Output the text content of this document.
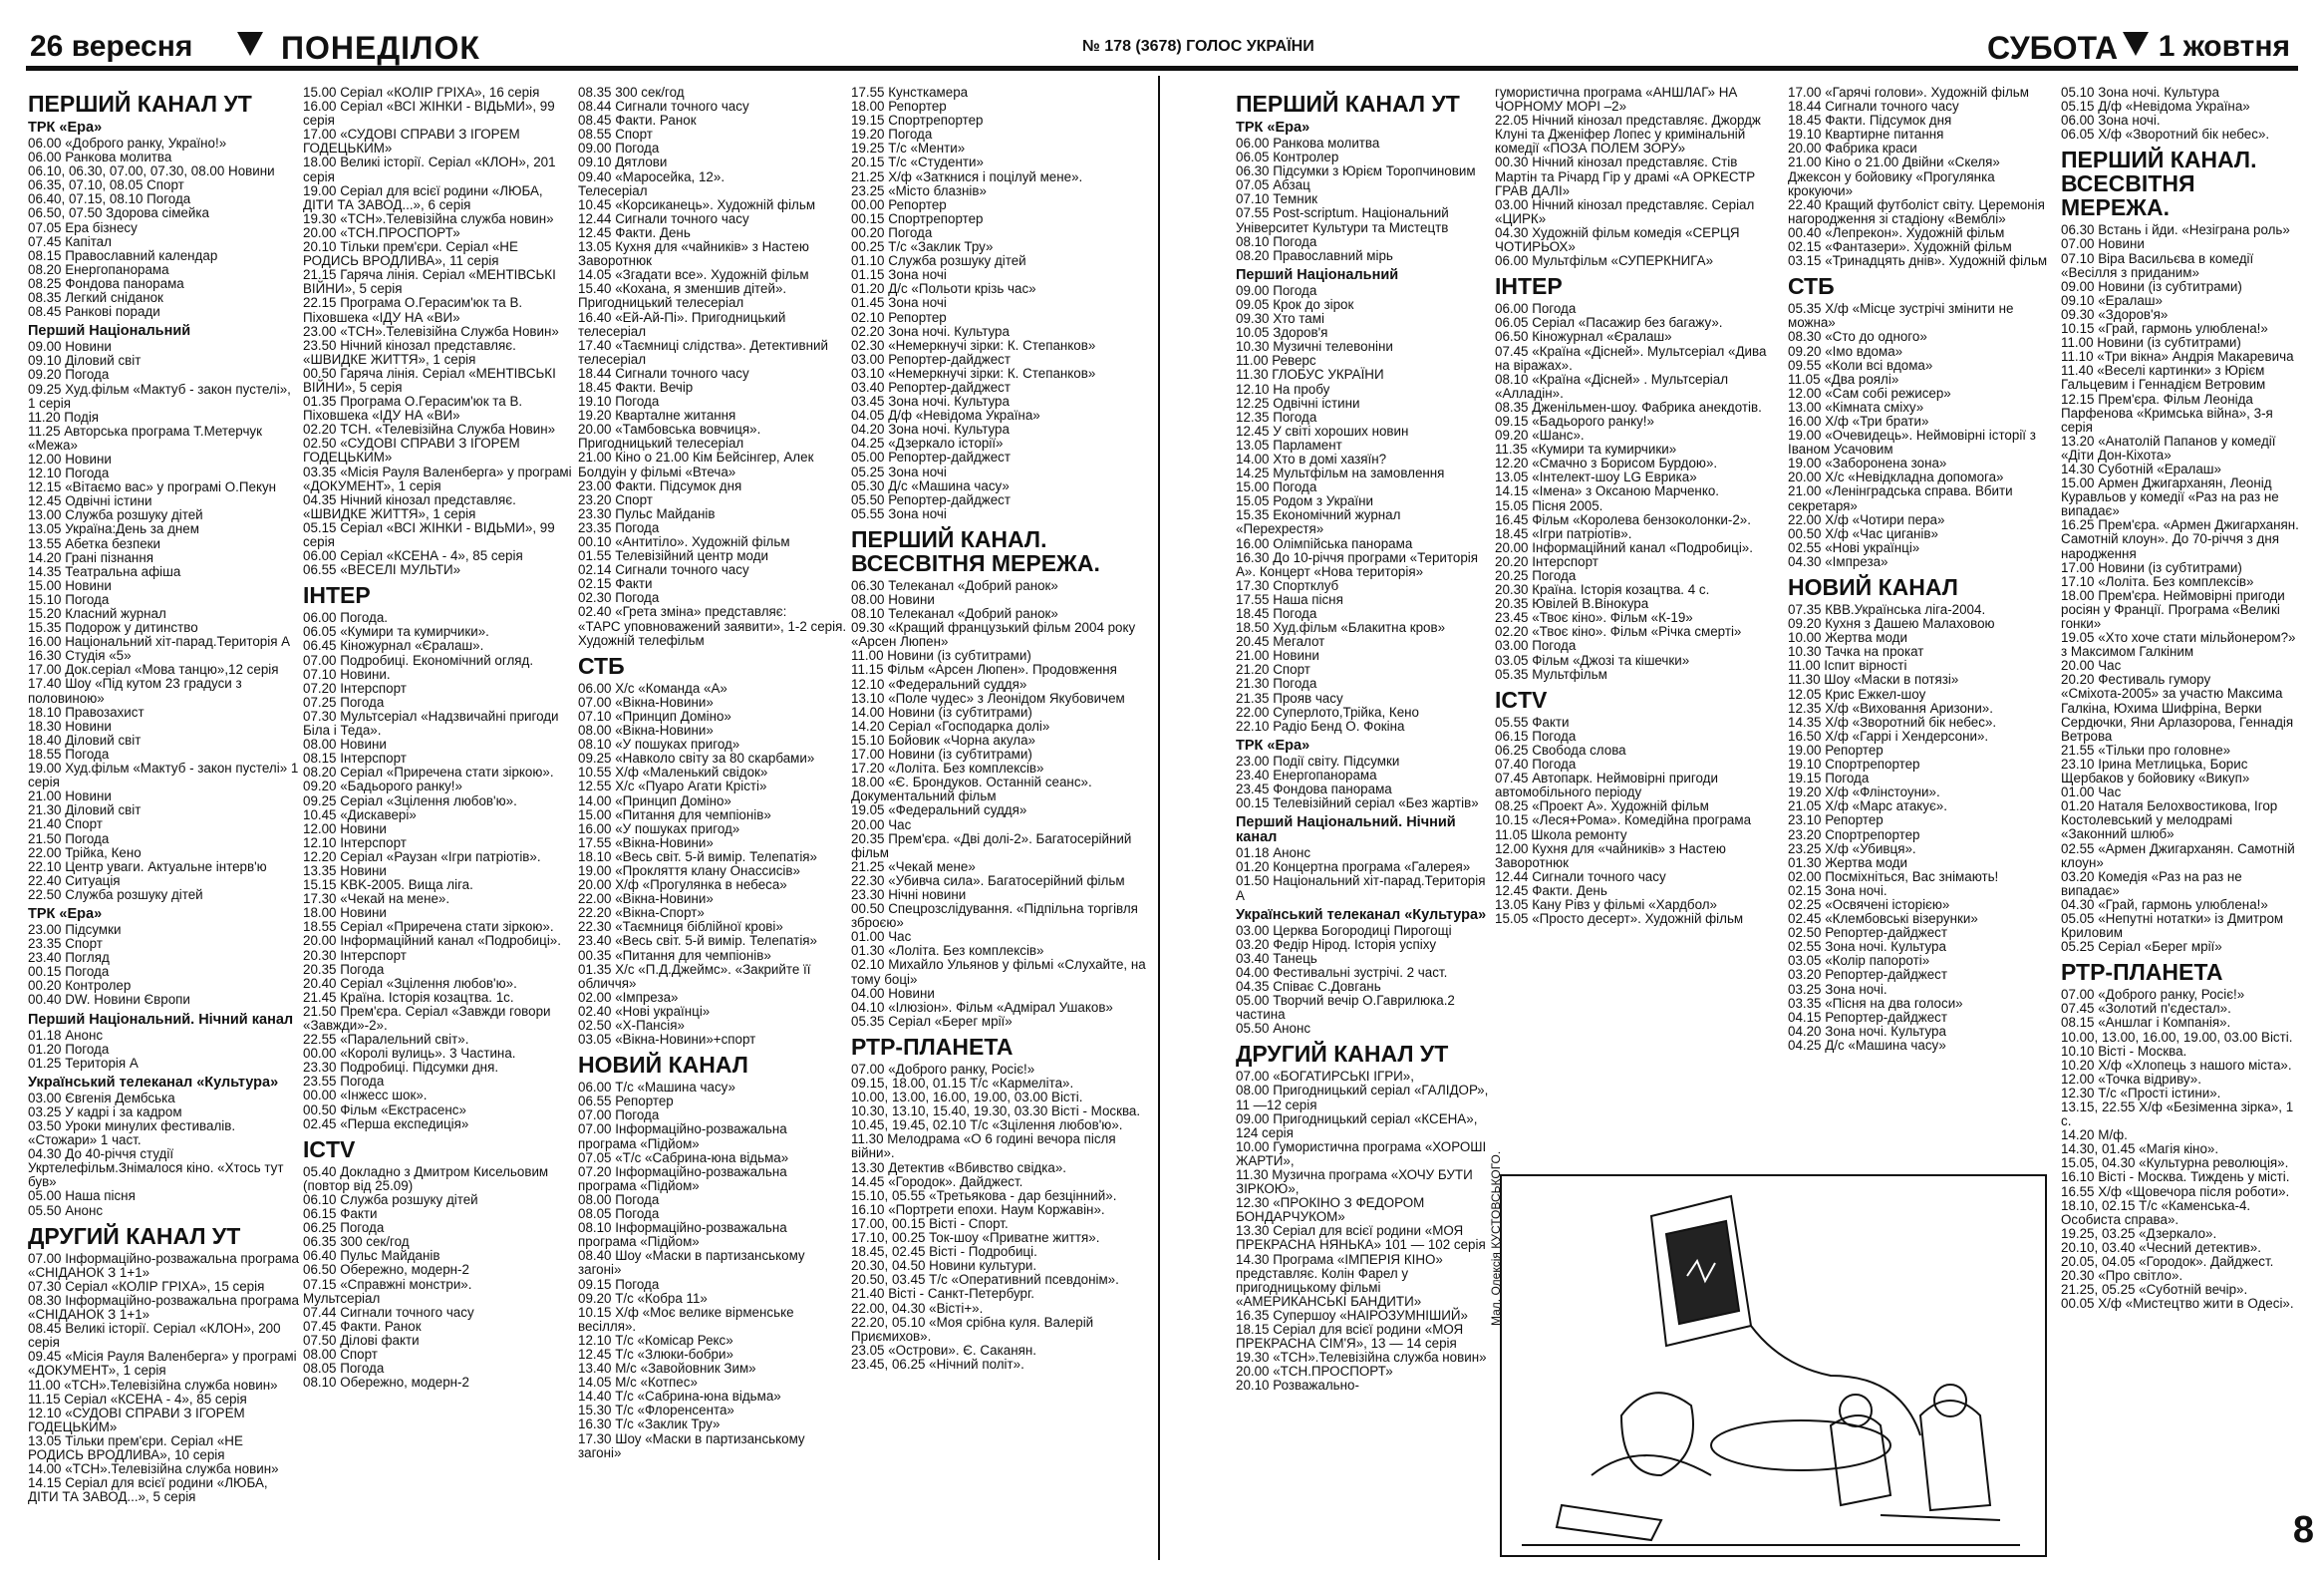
26 вересня	ПОНЕДІЛОК	№ 178 (3678) ГОЛОС УКРАЇНИ	СУБОТА 1 жовтня
ПЕРШИЙ КАНАЛ УТ
ТРК «Ера»
06.00 «Доброго ранку, Україно!»
06.00 Ранкова молитва
06.10, 06.30, 07.00, 07.30, 08.00 Новини
06.35, 07.10, 08.05 Спорт
06.40, 07.15, 08.10 Погода
06.50, 07.50 Здорова сімейка
07.05 Ера бізнесу
07.45 Капітал
08.15 Православний календар
08.20 Енергопанорама
08.25 Фондова панорама
08.35 Легкий сніданок
08.45 Ранкові поради
Перший Національний
09.00 Новини
09.10 Діловий світ
09.20 Погода
09.25 Худ.фільм «Мактуб - закон пустелі», 1 серія
11.20 Подія
11.25 Авторська програма Т.Метерчук «Межа»
12.00 Новини
12.10 Погода
12.15 «Вітаємо вас» у програмі О.Пекун
12.45 Одвічні істини
13.00 Служба розшуку дітей
13.05 Україна:День за днем
13.55 Абетка безпеки
14.20 Грані пізнання
14.35 Театральна афіша
15.00 Новини
15.10 Погода
15.20 Класний журнал
15.35 Подорож у дитинство
16.00 Національний хіт-парад.Територія А
16.30 Студія «5»
17.00 Док.серіал «Мова танцю»,12 серія
17.40 Шоу «Під кутом 23 градуси з половиною»
18.10 Правозахист
18.30 Новини
18.40 Діловий світ
18.55 Погода
19.00 Худ.фільм «Мактуб - закон пустелі» 1 серія
21.00 Новини
21.30 Діловий світ
21.40 Спорт
21.50 Погода
22.00 Трійка, Кено
22.10 Центр уваги. Актуальне інтерв'ю
22.40 Ситуація
22.50 Служба розшуку дітей
ТРК «Ера»
23.00 Підсумки
23.35 Спорт
23.40 Погляд
00.15 Погода
00.20 Контролер
00.40 DW. Новини Європи
Перший Національний. Нічний канал
01.18 Анонс
01.20 Погода
01.25 Територія А
Український телеканал «Культура»
03.00 Євгенія Дембська
03.25 У кадрі і за кадром
03.50 Уроки минулих фестивалів. «Стожари» 1 част.
04.30 До 40-річчя студії Укртелефільм.Знімалося кіно. «Хтось тут був»
05.00 Наша пісня
05.50 Анонс
ДРУГИЙ КАНАЛ УТ
07.00 Інформаційно-розважальна програма «СНІДАНОК З 1+1»
07.30 Серіал «КОЛІР ГРІХА», 15 серія
08.30 Інформаційно-розважальна програма «СНІДАНОК З 1+1»
08.45 Великі історії. Серіал «КЛОН», 200 серія
09.45 «Місія Рауля Валенберга» у програмі «ДОКУМЕНТ», 1 серія
11.00 «ТСН».Телевізійна служба новин»
11.15 Серіал «КСЕНА - 4», 85 серія
12.10 «СУДОВІ СПРАВИ З ІГОРЕМ ГОДЕЦЬКИМ»
13.05 Тільки прем'єри. Серіал «НЕ РОДИСЬ ВРОДЛИВА», 10 серія
14.00 «ТСН».Телевізійна служба новин»
14.15 Серіал для всієї родини «ЛЮБА, ДІТИ ТА ЗАВОД...», 5 серія
15.00 Серіал «КОЛІР ГРІХА», 16 серія
16.00 Серіал «ВСІ ЖІНКИ - ВІДЬМИ», 99 серія
17.00 «СУДОВІ СПРАВИ З ІГОРЕМ ГОДЕЦЬКИМ»
18.00 Великі історії. Серіал «КЛОН», 201 серія
19.00 Серіал для всієї родини «ЛЮБА, ДІТИ ТА ЗАВОД...», 6 серія
19.30 «ТСН».Телевізійна служба новин»
20.00 «ТСН.ПРОСПОРТ»
20.10 Тільки прем'єри. Серіал «НЕ РОДИСЬ ВРОДЛИВА», 11 серія
21.15 Гаряча лінія. Серіал «МЕНТІВСЬКІ ВІЙНИ», 5 серія
22.15 Програма О.Герасим'юк та В. Піховшека «ІДУ НА «ВИ»
23.00 «ТСН».Телевізійна Служба Новин»
23.50 Нічний кінозал представляє. «ШВИДКЕ ЖИТТЯ», 1 серія
00.50 Гаряча лінія. Серіал «МЕНТІВСЬКІ ВІЙНИ», 5 серія
01.35 Програма О.Герасим'юк та В. Піховшека «ІДУ НА «ВИ»
02.20 ТСН. «Телевізійна Служба Новин»
02.50 «СУДОВІ СПРАВИ З ІГОРЕМ ГОДЕЦЬКИМ»
03.35 «Місія Рауля Валенберга» у програмі «ДОКУМЕНТ», 1 серія
04.35 Нічний кінозал представляє. «ШВИДКЕ ЖИТТЯ», 1 серія
05.15 Серіал «ВСІ ЖІНКИ - ВІДЬМИ», 99 серія
06.00 Серіал «КСЕНА - 4», 85 серія
06.55 «ВЕСЕЛІ МУЛЬТИ»
ІНТЕР
06.00 Погода.
06.05 «Кумири та кумирчики».
06.45 Кіножурнал «Єралаш».
07.00 Подробиці. Економічний огляд.
07.10 Новини.
07.20 Інтерспорт
07.25 Погода
07.30 Мультсеріал «Надзвичайні пригоди Біла і Теда».
08.00 Новини
08.15 Інтерспорт
08.20 Серіал «Приречена стати зіркою».
09.20 «Бадьорого ранку!»
09.25 Серіал «Зцілення любов'ю».
10.45 «Дискавері»
12.00 Новини
12.10 Інтерспорт
12.20 Серіал «Раузан «Ігри патріотів».
13.35 Новини
15.15 KBK-2005. Вища ліга.
17.30 «Чекай на мене».
18.00 Новини
18.55 Серіал «Приречена стати зіркою».
20.00 Інформаційний канал «Подробиці».
20.30 Інтерспорт
20.35 Погода
20.40 Серіал «Зцілення любов'ю».
21.45 Країна. Історія козацтва. 1с.
21.50 Прем'єра. Серіал «Завжди говори «Завжди»-2».
22.55 «Паралельний світ».
00.00 «Королі вулиць». 3 Частина.
23.30 Подробиці. Підсумки дня.
23.55 Погода
00.00 «Інжесс шок».
00.50 Фільм «Екстрасенс»
02.45 «Перша експедиція»
ICTV
05.40 Докладно з Дмитром Кисельовим (повтор від 25.09)
06.10 Служба розшуку дітей
06.15 Факти
06.25 Погода
06.35 300 сек/год
06.40 Пульс Майданів
06.50 Обережно, модерн-2
07.15 «Справжні монстри».
Мультсеріал
07.44 Сигнали точного часу
07.45 Факти. Ранок
07.50 Ділові факти
08.00 Спорт
08.05 Погода
08.10 Обережно, модерн-2
08.35 300 сек/год
08.44 Сигнали точного часу
08.45 Факти. Ранок
08.55 Спорт
09.00 Погода
09.10 Дятлови
09.40 «Маросейка, 12».
Телесеріал
10.45 «Корсиканець». Художній фільм
12.44 Сигнали точного часу
12.45 Факти. День
13.05 Кухня для «чайників» з Настею Заворотнюк
14.05 «Згадати все». Художній фільм
15.40 «Кохана, я зменшив дітей». Пригодницький телесеріал
16.40 «Ей-Ай-Пі». Пригодницький телесеріал
17.40 «Таємниці слідства». Детективний телесеріал
18.44 Сигнали точного часу
18.45 Факти. Вечір
19.10 Погода
19.20 Кварталне житання
20.00 «Тамбовська вовчиця». Пригодницький телесеріал
21.00 Кіно о 21.00 Кім Бейсінгер, Алек Болдуін у фільмі «Втеча»
23.00 Факти. Підсумок дня
23.20 Спорт
23.30 Пульс Майданів
23.35 Погода
00.10 «Антитіло». Художній фільм
01.55 Телевізійний центр моди
02.14 Сигнали точного часу
02.15 Факти
02.30 Погода
02.40 «Грета зміна» представляє:
«ТАРС уповноважений заявити», 1-2 серія. Художній телефільм
СТБ
06.00 Х/с «Команда «А»
07.00 «Вікна-Новини»
07.10 «Принцип Доміно»
08.00 «Вікна-Новини»
08.10 «У пошуках пригод»
09.25 «Навколо світу за 80 скарбами»
10.55 Х/ф «Маленький свідок»
12.55 Х/с «Пуаро Агати Крісті»
14.00 «Принцип Доміно»
15.00 «Питання для чемпіонів»
16.00 «У пошуках пригод»
17.55 «Вікна-Новини»
18.10 «Весь світ. 5-й вимір. Телепатія»
19.00 «Прокляття клану Онассисів»
20.00 Х/ф «Прогулянка в небеса»
22.00 «Вікна-Новини»
22.20 «Вікна-Спорт»
22.30 «Таємниця біблійної крові»
23.40 «Весь світ. 5-й вимір. Телепатія»
00.35 «Питання для чемпіонів»
01.35 Х/с «П.Д.Джеймс». «Закрийте її обличчя»
02.00 «Імпреза»
02.40 «Нові українці»
02.50 «Х-Пансія»
03.05 «Вікна-Новини»+спорт
НОВИЙ КАНАЛ
06.00 Т/с «Машина часу»
06.55 Репортер
07.00 Погода
07.00 Інформаційно-розважальна програма «Підйом»
07.05 «Т/с «Сабрина-юна відьма»
07.20 Інформаційно-розважальна програма «Підйом»
08.00 Погода
08.05 Погода
08.10 Інформаційно-розважальна програма «Підйом»
08.40 Шоу «Маски в партизанському загоні»
09.15 Погода
09.20 Т/с «Кобра 11»
10.15 Х/ф «Моє велике вірменське весілля».
12.10 Т/с «Комісар Рекс»
12.45 Т/с «Злюки-бобри»
13.40 М/с «Завойовник Зим»
14.05 М/с «Котпес»
14.40 Т/с «Сабрина-юна відьма»
15.30 Т/с «Флоренсента»
16.30 Т/с «Заклик Тру»
17.30 Шоу «Маски в партизанському загоні»
17.55 Кунсткамера
18.00 Репортер
19.15 Спортрепортер
19.20 Погода
19.25 Т/с «Менти»
20.15 Т/с «Студенти»
21.25 Х/ф «Заткнися і поцілуй мене».
23.25 «Місто блазнів»
00.00 Репортер
00.15 Спортрепортер
00.20 Погода
00.25 Т/с «Заклик Тру»
01.10 Служба розшуку дітей
01.15 Зона ночі
01.20 Д/с «Польоти крізь час»
01.45 Зона ночі
02.10 Репортер
02.20 Зона ночі. Культура
02.30 «Немеркнучі зірки: К. Степанков»
03.00 Репортер-дайджест
03.10 «Немеркнучі зірки: К. Степанков»
03.40 Репортер-дайджест
03.45 Зона ночі. Культура
04.05 Д/ф «Невідома Україна»
04.20 Зона ночі. Культура
04.25 «Дзеркало історії»
05.00 Репортер-дайджест
05.25 Зона ночі
05.30 Д/с «Машина часу»
05.50 Репортер-дайджест
05.55 Зона ночі
ПЕРШИЙ КАНАЛ. ВСЕСВІТНЯ МЕРЕЖА.
06.30 Телеканал «Добрий ранок»
08.00 Новини
08.10 Телеканал «Добрий ранок»
09.30 «Кращий французький фільм 2004 року «Арсен Люпен»
11.00 Новини (із субтитрами)
11.15 Фільм «Арсен Люпен». Продовження
12.10 «Федеральний суддя»
13.10 «Поле чудес» з Леонідом Якубовичем
14.00 Новини (із субтитрами)
14.20 Серіал «Господарка долі»
15.10 Бойовик «Чорна акула»
17.00 Новини (із субтитрами)
17.20 «Лоліта. Без комплексів»
18.00 «Є. Брондуков. Останній сеанс». Документальний фільм
19.05 «Федеральний суддя»
20.00 Час
20.35 Прем'єра. «Дві долі-2». Багатосерійний фільм
21.25 «Чекай мене»
22.30 «Убивча сила». Багатосерійний фільм
23.30 Нічні новини
00.50 Спецрозслідування. «Підпільна торгівля зброєю»
01.00 Час
01.30 «Лоліта. Без комплексів»
02.10 Михайло Ульянов у фільмі «Слухайте, на тому боці»
04.00 Новини
04.10 «Ілюзіон». Фільм «Адмірал Ушаков»
05.35 Серіал «Берег мрії»
РТР-ПЛАНЕТА
07.00 «Доброго ранку, Росіє!»
09.15, 18.00, 01.15 Т/с «Кармеліта».
10.00, 13.00, 16.00, 19.00, 03.00 Вісті.
10.30, 13.10, 15.40, 19.30, 03.30 Вісті - Москва.
10.45, 19.45, 02.10 Т/с «Зцілення любов'ю».
11.30 Мелодрама «О 6 годині вечора після війни».
13.30 Детектив «Вбивство свідка».
14.45 «Городок». Дайджест.
15.10, 05.55 «Третьякова - дар безцінний».
16.10 «Портрети епохи. Наум Коржавін».
17.00, 00.15 Вісті - Спорт.
17.10, 00.25 Ток-шоу «Приватне життя».
18.45, 02.45 Вісті - Подробиці.
20.30, 04.50 Новини культури.
20.50, 03.45 Т/с «Оперативний псевдонім».
21.40 Вісті - Санкт-Петербург.
22.00, 04.30 «Вісті+».
22.20, 05.10 «Моя срібна куля. Валерій Приємихов».
23.05 «Острови». Є. Саканян.
23.45, 06.25 «Нічний політ».
ПЕРШИЙ КАНАЛ УТ
ТРК «Ера»
06.00 Ранкова молитва
06.05 Контролер
06.30 Підсумки з Юрієм Торопчиновим
07.05 Абзац
07.10 Темник
07.55 Post-scriptum. Національний Університет Культури та Мистецтв
08.10 Погода
08.20 Православний мірь
Перший Національний
09.00 Погода
09.05 Крок до зірок
09.30 Хто тамі
10.05 Здоров'я
10.30 Музичні телевоніни
11.00 Реверс
11.30 ГЛОБУС УКРАЇНИ
12.10 На пробу
12.25 Одвічні істини
12.35 Погода
12.45 У світі хороших новин
13.05 Парламент
14.00 Хто в домі хазяїн?
14.25 Мультфільм на замовлення
15.00 Погода
15.05 Родом з України
15.35 Економічний журнал «Перехрестя»
16.00 Олімпійська панорама
16.30 До 10-річчя програми «Територія А». Концерт «Нова територія»
17.30 Спортклуб
17.55 Наша пісня
18.45 Погода
18.50 Худ.фільм «Блакитна кров»
20.45 Мегалот
21.00 Новини
21.20 Спорт
21.30 Погода
21.35 Прояв часу
22.00 Суперлото,Трійка, Кено
22.10 Радіо Бенд О. Фокіна
ТРК «Ера»
23.00 Події світу. Підсумки
23.40 Енергопанорама
23.45 Фондова панорама
00.15 Телевізійний серіал «Без жартів»
Перший Національний. Нічний канал
01.18 Анонс
01.20 Концертна програма «Галерея»
01.50 Національний хіт-парад.Територія А
Український телеканал «Культура»
03.00 Церква Богородиці Пирогощі
03.20 Федір Нірод. Історія успіху
03.40 Танець
04.00 Фестивальні зустрічі. 2 част.
04.35 Співає С.Довгань
05.00 Творчий вечір О.Гаврилюка.2 частина
05.50 Анонс
ДРУГИЙ КАНАЛ УТ
07.00 «БОГАТИРСЬКІ ІГРИ»,
08.00 Пригодницький серіал «ГАЛІДОР», 11 —12 серія
09.00 Пригодницький серіал «КСЕНА», 124 серія
10.00 Гумористична програма «ХОРОШІ ЖАРТИ»,
11.30 Музична програма «ХОЧУ БУТИ ЗІРКОЮ»,
12.30 «ПРОКІНО З ФЕДОРОМ БОНДАРЧУКОМ»
13.30 Серіал для всієї родини «МОЯ ПРЕКРАСНА НЯНЬКА» 101 — 102 серія
14.30 Програма «ІМПЕРІЯ КІНО» представляє. Колін Фарел у пригодницькому фільмі «АМЕРИКАНСЬКІ БАНДИТИ»
16.35 Супершоу «НАІРОЗУМНІШИЙ»
18.15 Серіал для всієї родини «МОЯ ПРЕКРАСНА СІМ'Я», 13 — 14 серія
19.30 «ТСН».Телевізійна служба новин»
20.00 «ТСН.ПРОСПОРТ»
20.10 Розважально-
гумористична програма «АНШЛАГ» НА ЧОРНОМУ МОРІ –2»
22.05 Нічний кінозал представляє. Джордж Клуні та Дженіфер Лопес у кримінальній комедії «ПОЗА ПОЛЕМ ЗОРУ»
00.30 Нічний кінозал представляє. Стів Мартін та Річард Гір у драмі «А ОРКЕСТР ГРАВ ДАЛІ»
03.00 Нічний кінозал представляє. Серіал «ЦИРК»
04.30 Художній фільм комедія «СЕРЦЯ ЧОТИРЬОХ»
06.00 Мультфільм «СУПЕРКНИГА»
ІНТЕР
06.00 Погода
06.05 Серіал «Пасажир без багажу».
06.50 Кіножурнал «Єралаш»
07.45 «Країна «Дісней». Мультсеріал «Дива на віражах».
08.10 «Країна «Дісней» . Мультсеріал «Алладін».
08.35 Дженільмен-шоу. Фабрика анекдотів.
09.15 «Бадьорого ранку!»
09.20 «Шанс».
11.35 «Кумири та кумирчики»
12.20 «Смачно з Борисом Бурдою».
13.05 «Інтелект-шоу LG Еврика»
14.15 «Імена» з Оксаною Марченко.
15.05 Пісня 2005.
16.45 Фільм «Королева бензоколонки-2».
18.45 «Ігри патріотів».
20.00 Інформаційний канал «Подробиці».
20.20 Інтерспорт
20.25 Погода
20.30 Країна. Історія козацтва. 4 с.
20.35 Ювілей В.Вінокура
23.45 «Твоє кіно». Фільм «К-19»
02.20 «Твоє кіно». Фільм «Річка смерті»
03.00 Погода
03.05 Фільм «Джозі та кішечки»
05.35 Мультфільм
ICTV
05.55 Факти
06.15 Погода
06.25 Свобода слова
07.40 Погода
07.45 Автопарк. Неймовірні пригоди автомобільного періоду
08.25 «Проект А». Художній фільм
10.15 «Леся+Рома». Комедійна програма
11.05 Школа ремонту
12.00 Кухня для «чайників» з Настею Заворотнюк
12.44 Сигнали точного часу
12.45 Факти. День
13.05 Кану Рівз у фільмі «Хардбол»
15.05 «Просто десерт». Художній фільм
17.00 «Гарячі голови». Художній фільм
18.44 Сигнали точного часу
18.45 Факти. Підсумок дня
19.10 Квартирне питання
20.00 Фабрика краси
21.00 Кіно о 21.00 Двійни «Скеля» Джексон у бойовику «Прогулянка крокуючи»
22.40 Кращий футболіст світу. Церемонія нагородження зі стадіону «Вемблі»
00.40 «Лепрекон». Художній фільм
02.15 «Фантазери». Художній фільм
03.15 «Тринадцять днів». Художній фільм
СТБ
05.35 Х/ф «Місце зустрічі змінити не можна»
08.30 «Сто до одного»
09.20 «Імо вдома»
09.55 «Коли всі вдома»
11.05 «Два роялі»
12.00 «Сам собі режисер»
13.00 «Кімната сміху»
16.00 Х/ф «Три брати»
19.00 «Очевидець». Неймовірні історії з Іваном Усачовим
19.00 «Заборонена зона»
20.00 Х/с «Невідкладна допомога»
21.00 «Ленінградська справа. Вбити секретаря»
22.00 Х/ф «Чотири пера»
00.50 Х/ф «Час циганів»
02.55 «Нові українці»
04.30 «Імпреза»
НОВИЙ КАНАЛ
07.35 КВВ.Українська ліга-2004.
09.20 Кухня з Дашею Малаховою
10.00 Жертва моди
10.30 Тачка на прокат
11.00 Іспит вірності
11.30 Шоу «Маски в потязі»
12.05 Крис Ежкел-шоу
12.35 Х/ф «Виховання Аризони».
14.35 Х/ф «Зворотний бік небес».
16.50 Х/ф «Гаррі і Хендерсони».
19.00 Репортер
19.10 Спортрепортер
19.15 Погода
19.20 Х/ф «Флінстоуни».
21.05 Х/ф «Марс атакує».
23.10 Репортер
23.20 Спортрепортер
23.25 Х/ф «Убивця».
01.30 Жертва моди
02.00 Посміхніться, Вас знімають!
02.15 Зона ночі.
02.25 «Освячені історією»
02.45 «Клембовські візерунки»
02.50 Репортер-дайджест
02.55 Зона ночі. Культура
03.05 «Колір папороті»
03.20 Репортер-дайджест
03.25 Зона ночі.
03.35 «Пісня на два голоси»
04.15 Репортер-дайджест
04.20 Зона ночі. Культура
04.25 Д/с «Машина часу»
05.10 Зона ночі. Культура
05.15 Д/ф «Невідома Україна»
06.00 Зона ночі.
06.05 Х/ф «Зворотний бік небес».
ПЕРШИЙ КАНАЛ. ВСЕСВІТНЯ МЕРЕЖА.
06.30 Встань і йди. «Незіграна роль»
07.00 Новини
07.10 Віра Васильєва в комедії «Весілля з приданим»
09.00 Новини (із субтитрами)
09.10 «Ералаш»
09.30 «Здоров'я»
10.15 «Грай, гармонь улюблена!»
11.00 Новини (із субтитрами)
11.10 «Три вікна» Андрія Макаревича
11.40 «Веселі картинки» з Юрієм Гальцевим і Геннадієм Ветровим
12.15 Прем'єра. Фільм Леоніда Парфенова «Кримська війна», 3-я серія
13.20 «Анатолій Папанов у комедії «Діти Дон-Кіхота»
14.30 Суботній «Ералаш»
15.00 Армен Джигарханян, Леонід Куравльов у комедії «Раз на раз не випадає»
16.25 Прем'єра. «Армен Джигарханян. Самотній клоун». До 70-річчя з дня народження
17.00 Новини (із субтитрами)
17.10 «Лоліта. Без комплексів»
18.00 Прем'єра. Неймовірні пригоди росіян у Франції. Програма «Великі гонки»
19.05 «Хто хоче стати мільйонером?» з Максимом Галкіним
20.00 Час
20.20 Фестиваль гумору «Сміхота-2005» за участю Максима Галкіна, Юхима Шифріна, Верки Сердючки, Яни Арлазорова, Геннадія Ветрова
21.55 «Тільки про головне»
23.10 Ірина Метлицька, Борис Щербаков у бойовику «Викуп»
01.00 Час
01.20 Наталя Белохвостикова, Ігор Костолевський у мелодрамі «Законний шлюб»
02.55 «Армен Джигарханян. Самотній клоун»
03.20 Комедія «Раз на раз не випадає»
04.30 «Грай, гармонь улюблена!»
05.05 «Непутні нотатки» із Дмитром Криловим
05.25 Серіал «Берег мрії»
РТР-ПЛАНЕТА
07.00 «Доброго ранку, Росіє!»
07.45 «Золотий п'єдестал».
08.15 «Аншлаг і Компанія».
10.00, 13.00, 16.00, 19.00, 03.00 Вісті.
10.10 Вісті - Москва.
10.20 Х/ф «Хлопець з нашого міста».
12.00 «Точка відриву».
12.30 Т/с «Прості істини».
13.15, 22.55 Х/ф «Безіменна зірка», 1 с.
14.20 М/ф.
14.30, 01.45 «Магія кіно».
15.05, 04.30 «Культурна революція».
16.10 Вісті - Москва. Тиждень у місті.
16.55 Х/ф «Щовечора після роботи».
18.10, 02.15 Т/с «Каменська-4. Особиста справа».
19.25, 03.25 «Дзеркало».
20.10, 03.40 «Чесний детектив».
20.05, 04.05 «Городок». Дайджест.
20.30 «Про світло».
21.25, 05.25 «Суботній вечір».
00.05 Х/ф «Мистецтво жити в Одесі».
Мал. Олексія КУСТОВСЬКОГО.
8
